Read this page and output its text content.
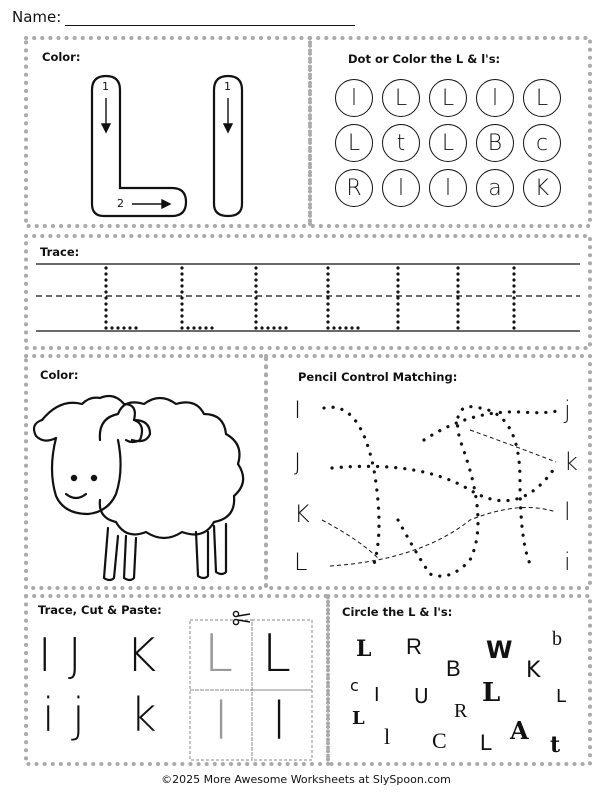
Name:
Color:	Dot or Color the L & l's:
Trace:
Color:	Pencil Control Matching:
Trace, Cut & Paste:	Circle the L & l's:
1
2
1	l	L	L	l	L
L	t	L	B	c
R	l	l	a	K
I
J
K
L
j
k
l
i
I J K
i j k
L
l
L
l
L R	W b
B	K
c	L
I U
R
L
L
l C L A t
©2025 More Awesome Worksheets at SlySpoon.com
